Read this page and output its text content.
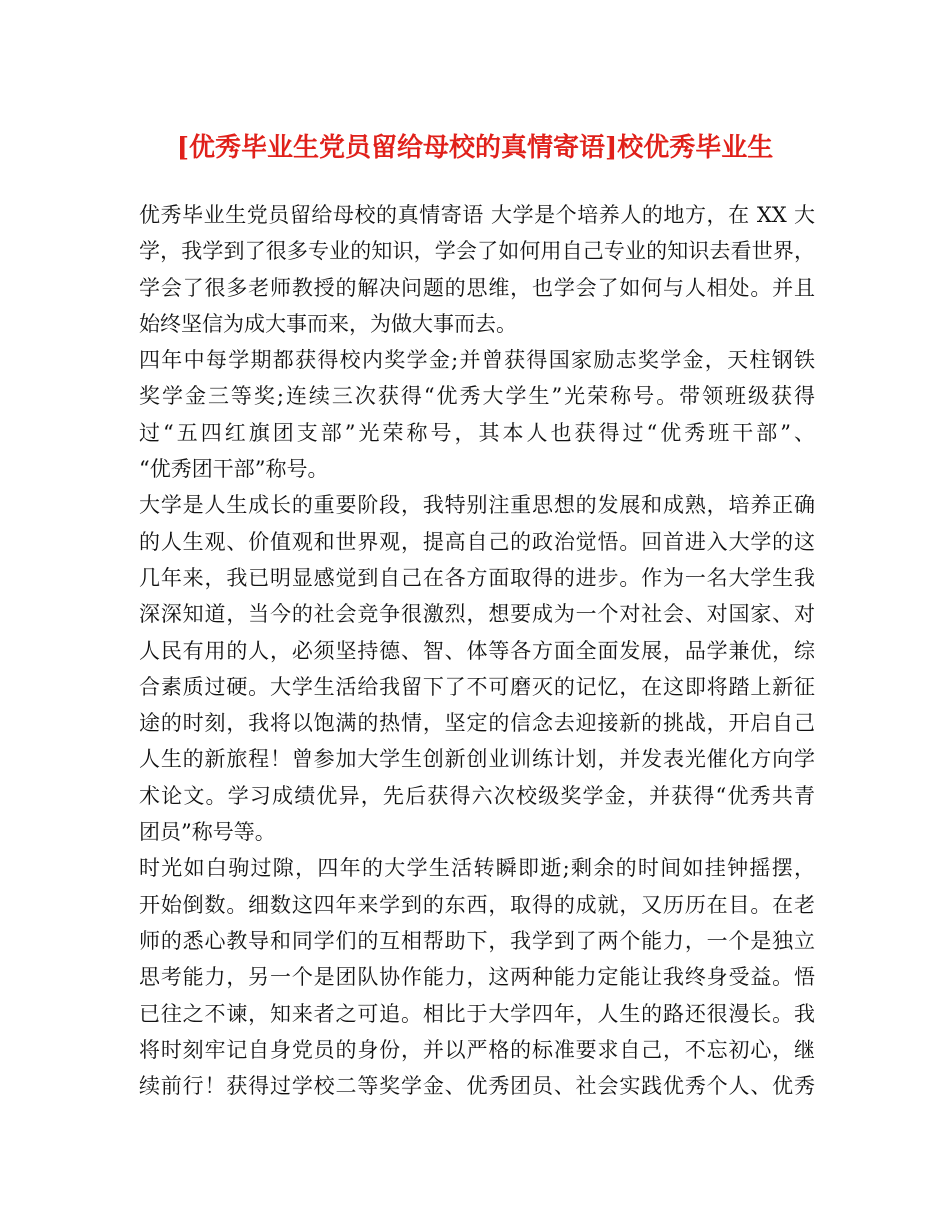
[优秀毕业生党员留给母校的真情寄语]校优秀毕业生
优秀毕业生党员留给母校的真情寄语 大学是个培养人的地方，在 XX 大
学，我学到了很多专业的知识，学会了如何用自己专业的知识去看世界，
学会了很多老师教授的解决问题的思维，也学会了如何与人相处。并且
始终坚信为成大事而来，为做大事而去。
四年中每学期都获得校内奖学金;并曾获得国家励志奖学金，天柱钢铁
奖学金三等奖;连续三次获得“优秀大学生”光荣称号。带领班级获得
过“五四红旗团支部”光荣称号，其本人也获得过“优秀班干部”、
“优秀团干部”称号。
大学是人生成长的重要阶段，我特别注重思想的发展和成熟，培养正确
的人生观、价值观和世界观，提高自己的政治觉悟。回首进入大学的这
几年来，我已明显感觉到自己在各方面取得的进步。作为一名大学生我
深深知道，当今的社会竞争很激烈，想要成为一个对社会、对国家、对
人民有用的人，必须坚持德、智、体等各方面全面发展，品学兼优，综
合素质过硬。大学生活给我留下了不可磨灭的记忆，在这即将踏上新征
途的时刻，我将以饱满的热情，坚定的信念去迎接新的挑战，开启自己
人生的新旅程！曾参加大学生创新创业训练计划，并发表光催化方向学
术论文。学习成绩优异，先后获得六次校级奖学金，并获得“优秀共青
团员”称号等。
时光如白驹过隙，四年的大学生活转瞬即逝;剩余的时间如挂钟摇摆，
开始倒数。细数这四年来学到的东西，取得的成就，又历历在目。在老
师的悉心教导和同学们的互相帮助下，我学到了两个能力，一个是独立
思考能力，另一个是团队协作能力，这两种能力定能让我终身受益。悟
已往之不谏，知来者之可追。相比于大学四年，人生的路还很漫长。我
将时刻牢记自身党员的身份，并以严格的标准要求自己，不忘初心，继
续前行！获得过学校二等奖学金、优秀团员、社会实践优秀个人、优秀
